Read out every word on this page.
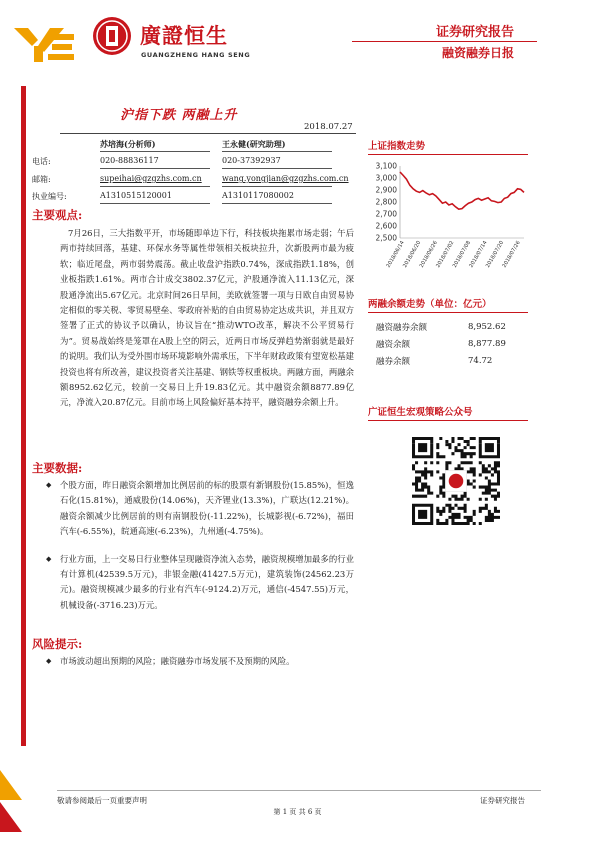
廣證恒生
GUANGZHENG HANG SENG
证券研究报告
融资融券日报
沪指下跌 两融上升
2018.07.27
苏培海(分析师)	王永健(研究助理)
电话:	020-88836117	020-37392937
邮箱:	supeihai@gzgzhs.com.cn	wang.yongjian@gzgzhs.com.cn
执业编号:	A1310515120001	A1310117080002
主要观点:
7月26日，三大指数平开，市场随即单边下行，科技板块拖累市场走弱；午后两市持续回落，基建、环保水务等属性带领相关板块拉升，次新股两市最为疲软；临近尾盘，两市弱势震荡。截止收盘沪指跌0.74%，深成指跌1.18%，创业板指跌1.61%。两市合计成交3802.37亿元，沪股通净流入11.13亿元，深股通净流出5.67亿元。北京时间26日早间，美欧就签署一项与日欧自由贸易协定相似的零关税、零贸易壁垒、零政府补贴的自由贸易协定达成共识，并且双方签署了正式的协议予以确认，协议旨在“推动WTO改革，解决不公平贸易行为”。贸易战始终是笼罩在A股上空的阴云，近两日市场反弹趋势渐弱就是最好的说明。我们认为受外围市场环境影响外需承压，下半年财政政策有望宽松基建投资也将有所改善，建议投资者关注基建、钢铁等权重板块。两融方面，两融余额8952.62亿元，较前一交易日上升19.83亿元。其中融资余额8877.89亿元，净流入20.87亿元。目前市场上风险偏好基本持平，融资融券余额上升。
主要数据:
◆	个股方面，昨日融资余额增加比例居前的标的股票有新钢股份(15.85%)，恒逸石化(15.81%)，通威股份(14.06%)，天齐锂业(13.3%)，广联达(12.21%)。融资余额减少比例居前的则有南钢股份(-11.22%)，长城影视(-6.72%)，福田汽车(-6.55%)，皖通高速(-6.23%)，九州通(-4.75%)。
◆	行业方面，上一交易日行业整体呈现融资净流入态势，融资规模增加最多的行业有计算机(42539.5万元)，非银金融(41427.5万元)，建筑装饰(24562.23万元)。融资规模减少最多的行业有汽车(-9124.2)万元，通信(-4547.55)万元，机械设备(-3716.23)万元。
风险提示:
◆	市场波动超出预期的风险；融资融券市场发展不及预期的风险。
上证指数走势
2,500
2,600
2,700
2,800
2,900
3,000
3,100
2018/06/14
2018/06/20
2018/06/26
2018/07/02
2018/07/08
2018/07/14
2018/07/20
2018/07/26
两融余额走势（单位：亿元）
融资融券余额	8,952.62
融资余额	8,877.89
融券余额	74.72
广证恒生宏观策略公众号
敬请参阅最后一页重要声明	证券研究报告
第 1 页 共 6 页
